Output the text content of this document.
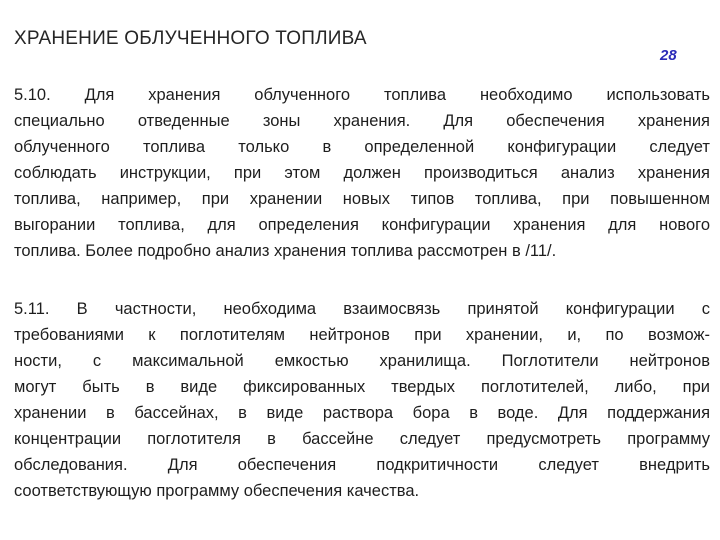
ХРАНЕНИЕ ОБЛУЧЕННОГО ТОПЛИВА
28

5.10. Для хранения облученного топлива необходимо использовать
специально отведенные зоны хранения. Для обеспечения хранения
облученного топлива только в определенной конфигурации следует
соблюдать инструкции, при этом должен производиться анализ хранения
топлива, например, при хранении новых типов топлива, при повышенном
выгорании топлива, для определения конфигурации хранения для нового
топлива. Более подробно анализ хранения топлива рассмотрен в /11/.

5.11. В частности, необходима взаимосвязь принятой конфигурации с
требованиями к поглотителям нейтронов при хранении, и, по возмож-
ности, с максимальной емкостью хранилища. Поглотители нейтронов
могут быть в виде фиксированных твердых поглотителей, либо, при
хранении в бассейнах, в виде раствора бора в воде. Для поддержания
концентрации поглотителя в бассейне следует предусмотреть программу
обследования. Для обеспечения подкритичности следует внедрить
соответствующую программу обеспечения качества.
